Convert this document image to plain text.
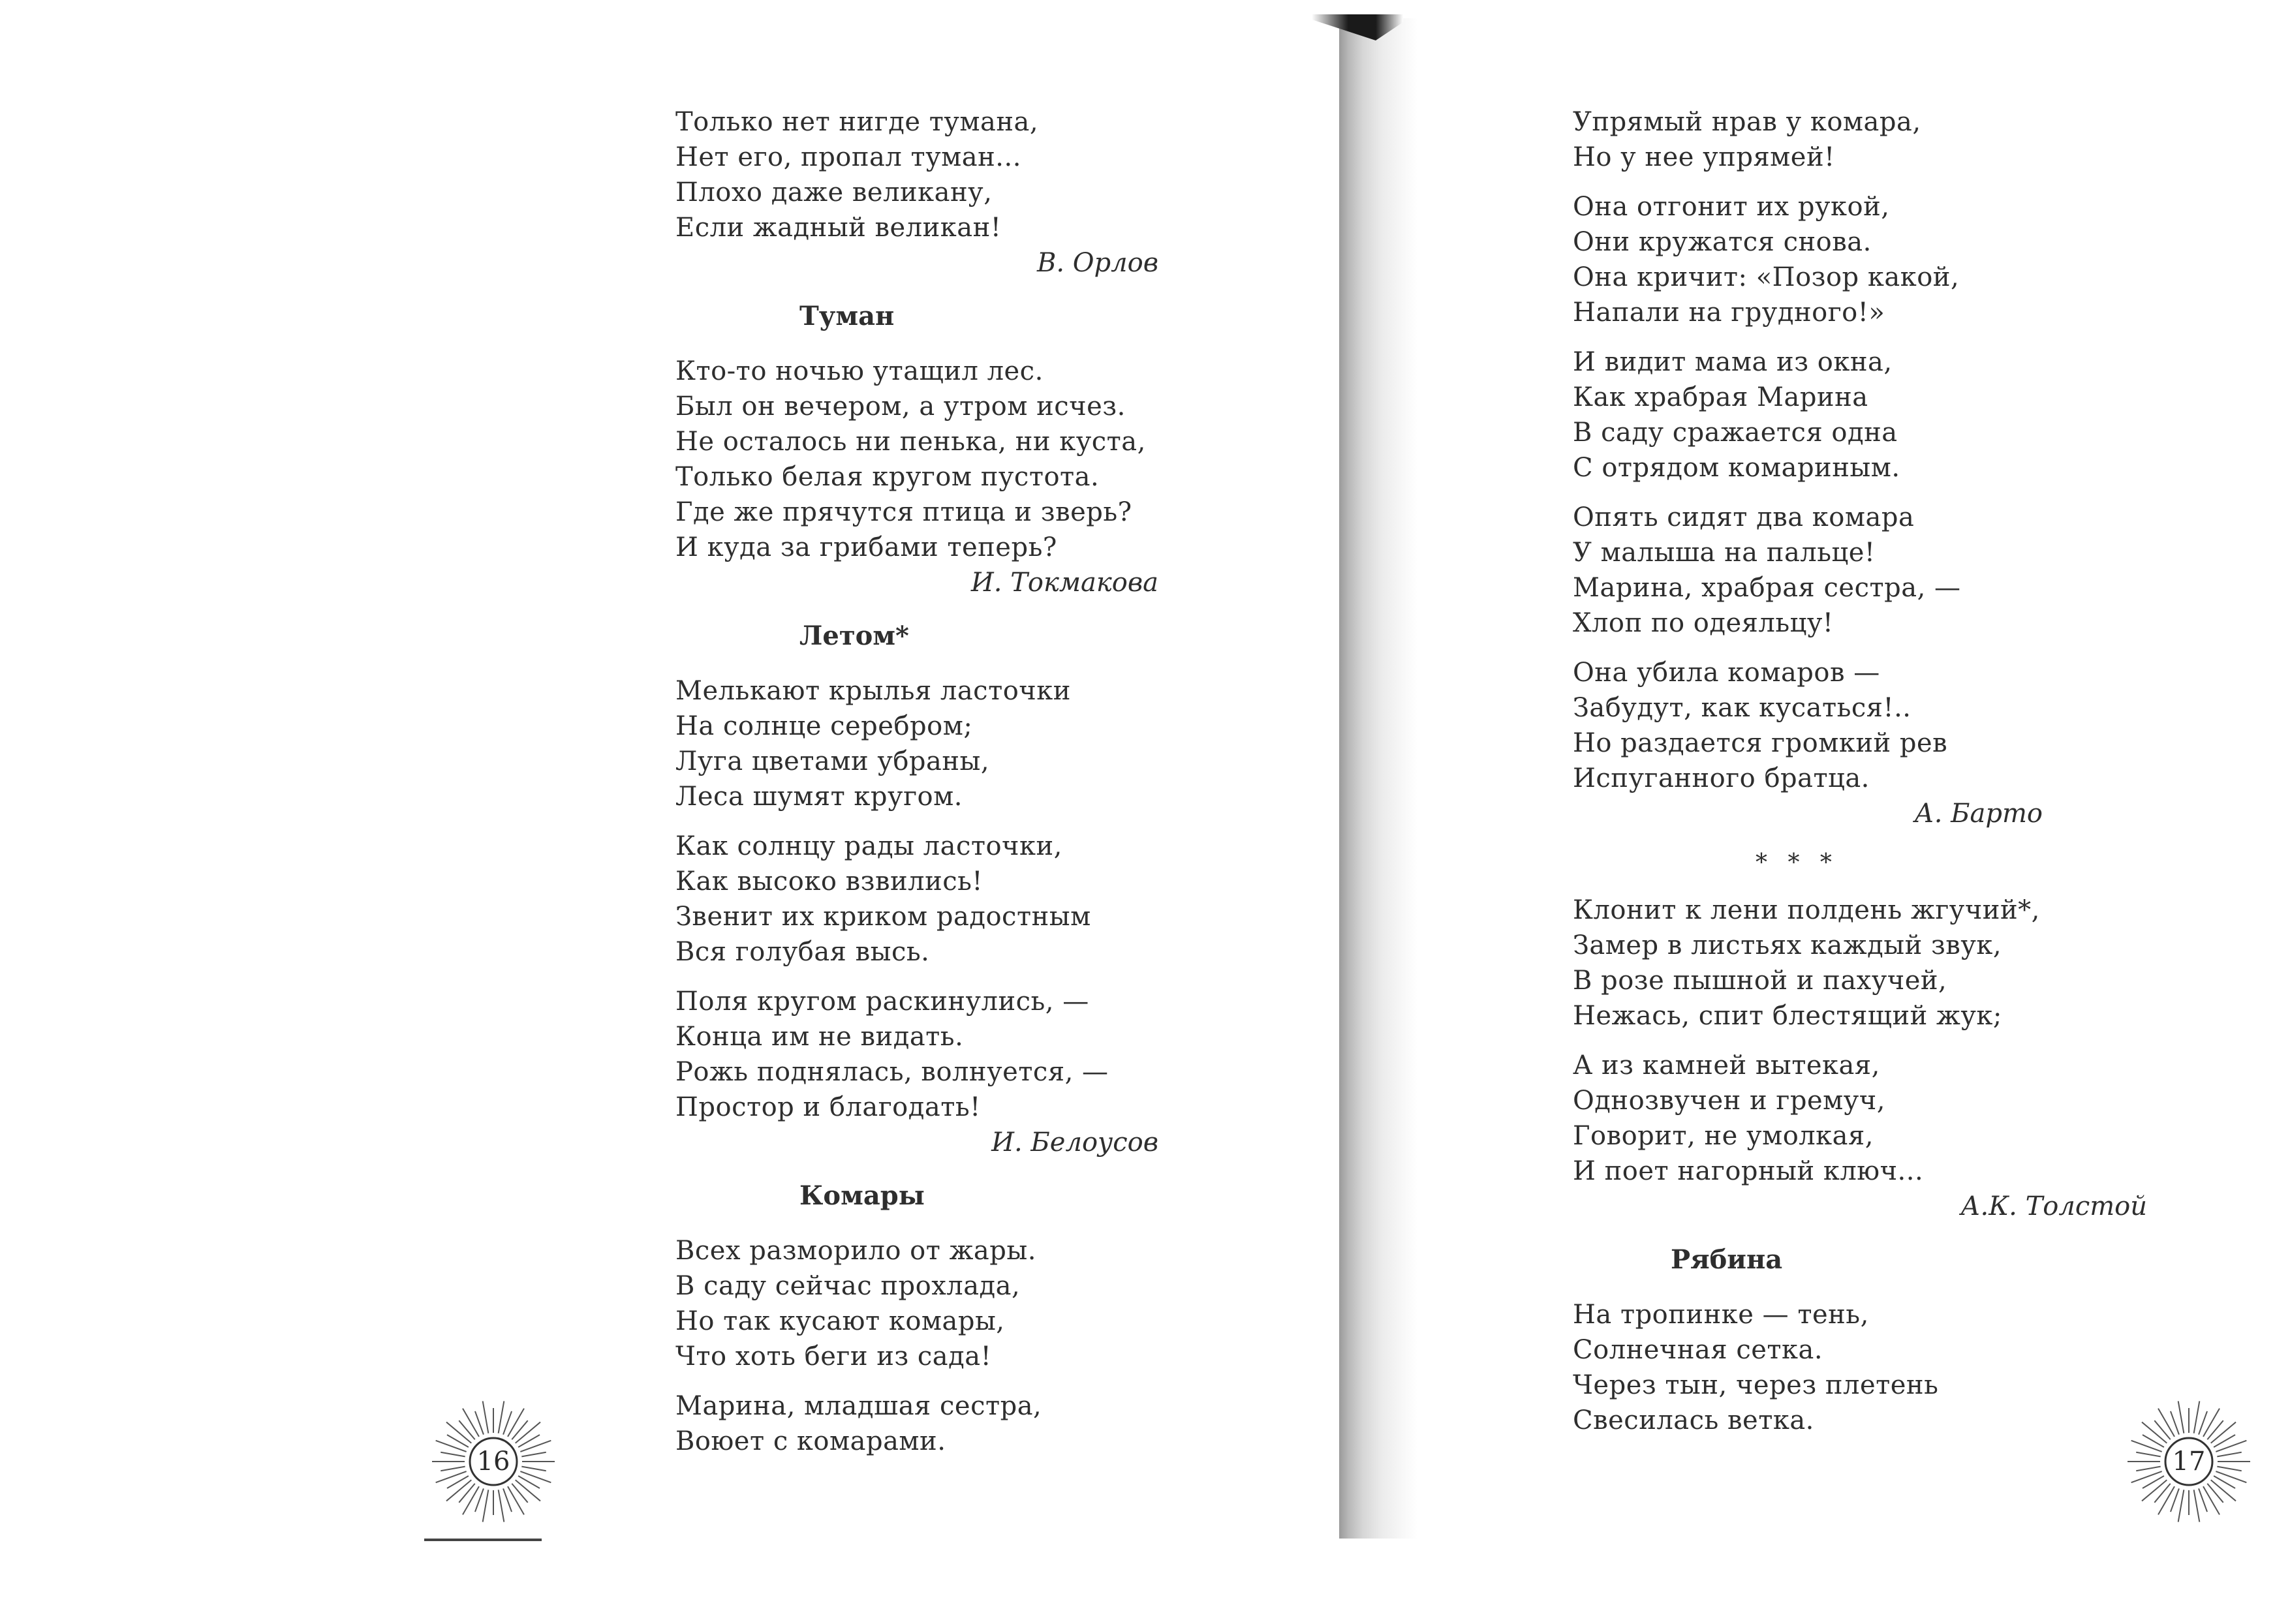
Только нет нигде тумана,
Нет его, пропал туман...
Плохо даже великану,
Если жадный великан!
В. Орлов
Туман
Кто-то ночью утащил лес.
Был он вечером, а утром исчез.
Не осталось ни пенька, ни куста,
Только белая кругом пустота.
Где же прячутся птица и зверь?
И куда за грибами теперь?
И. Токмакова
Летом*
Мелькают крылья ласточки
На солнце серебром;
Луга цветами убраны,
Леса шумят кругом.
Как солнцу рады ласточки,
Как высоко взвились!
Звенит их криком радостным
Вся голубая высь.
Поля кругом раскинулись, —
Конца им не видать.
Рожь поднялась, волнуется, —
Простор и благодать!
И. Белоусов
Комары
Всех разморило от жары.
В саду сейчас прохлада,
Но так кусают комары,
Что хоть беги из сада!
Марина, младшая сестра,
Воюет с комарами.
Упрямый нрав у комара,
Но у нее упрямей!
Она отгонит их рукой,
Они кружатся снова.
Она кричит: «Позор какой,
Напали на грудного!»
И видит мама из окна,
Как храбрая Марина
В саду сражается одна
С отрядом комариным.
Опять сидят два комара
У малыша на пальце!
Марина, храбрая сестра, —
Хлоп по одеяльцу!
Она убила комаров —
Забудут, как кусаться!..
Но раздается громкий рев
Испуганного братца.
А. Барто
* * *
Клонит к лени полдень жгучий*,
Замер в листьях каждый звук,
В розе пышной и пахучей,
Нежась, спит блестящий жук;
А из камней вытекая,
Однозвучен и гремуч,
Говорит, не умолкая,
И поет нагорный ключ...
А.К. Толстой
Рябина
На тропинке — тень,
Солнечная сетка.
Через тын, через плетень
Свесилась ветка.
16	17
